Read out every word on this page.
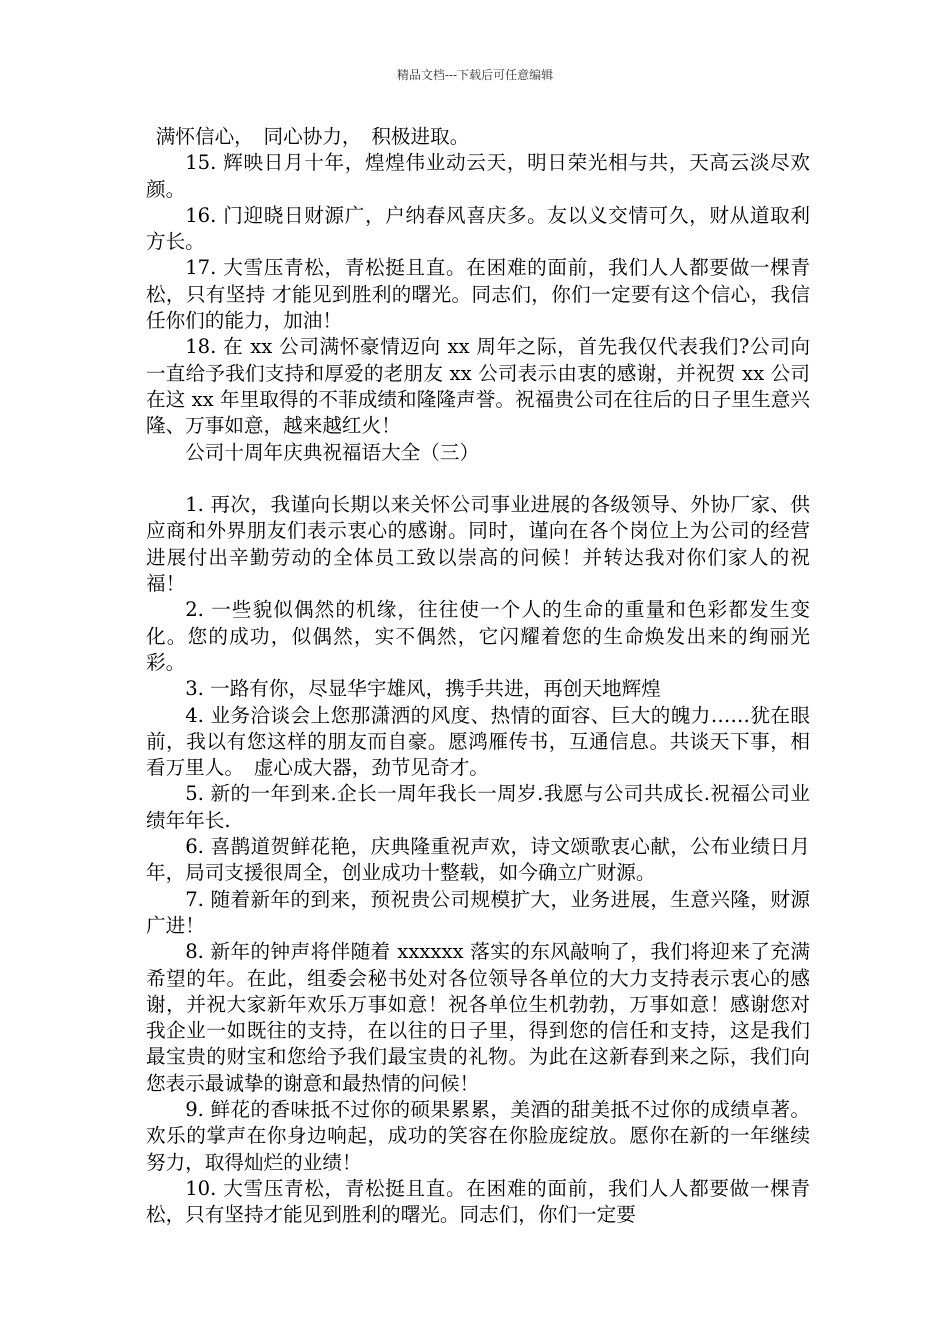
精品文档---下载后可任意编辑

满怀信心，　同心协力，　积极进取。

15. 辉映日月十年，煌煌伟业动云天，明日荣光相与共，天高云淡尽欢颜。

16. 门迎晓日财源广，户纳春风喜庆多。友以义交情可久，财从道取利方长。

17. 大雪压青松，青松挺且直。在困难的面前，我们人人都要做一棵青松，只有坚持 才能见到胜利的曙光。同志们，你们一定要有这个信心，我信任你们的能力，加油！

18. 在 xx 公司满怀豪情迈向 xx 周年之际，首先我仅代表我们?公司向一直给予我们支持和厚爱的老朋友 xx 公司表示由衷的感谢，并祝贺 xx 公司在这 xx 年里取得的不菲成绩和隆隆声誉。祝福贵公司在往后的日子里生意兴隆、万事如意，越来越红火！

公司十周年庆典祝福语大全（三）

1. 再次，我谨向长期以来关怀公司事业进展的各级领导、外协厂家、供应商和外界朋友们表示衷心的感谢。同时，谨向在各个岗位上为公司的经营进展付出辛勤劳动的全体员工致以崇高的问候！并转达我对你们家人的祝福！

2. 一些貌似偶然的机缘，往往使一个人的生命的重量和色彩都发生变化。您的成功，似偶然，实不偶然，它闪耀着您的生命焕发出来的绚丽光彩。

3. 一路有你，尽显华宇雄风，携手共进，再创天地辉煌

4. 业务洽谈会上您那潇洒的风度、热情的面容、巨大的魄力……犹在眼前，我以有您这样的朋友而自豪。愿鸿雁传书，互通信息。共谈天下事，相看万里人。　虚心成大器，劲节见奇才。

5. 新的一年到来.企长一周年我长一周岁.我愿与公司共成长.祝福公司业绩年年长.

6. 喜鹊道贺鲜花艳，庆典隆重祝声欢，诗文颂歌衷心献，公布业绩日月年，局司支援很周全，创业成功十整载，如今确立广财源。

7. 随着新年的到来，预祝贵公司规模扩大，业务进展，生意兴隆，财源广进！

8. 新年的钟声将伴随着 xxxxxx 落实的东风敲响了，我们将迎来了充满希望的年。在此，组委会秘书处对各位领导各单位的大力支持表示衷心的感谢，并祝大家新年欢乐万事如意！祝各单位生机勃勃，万事如意！感谢您对我企业一如既往的支持，在以往的日子里，得到您的信任和支持，这是我们最宝贵的财宝和您给予我们最宝贵的礼物。为此在这新春到来之际，我们向您表示最诚挚的谢意和最热情的问候！

9. 鲜花的香味抵不过你的硕果累累，美酒的甜美抵不过你的成绩卓著。欢乐的掌声在你身边响起，成功的笑容在你脸庞绽放。愿你在新的一年继续努力，取得灿烂的业绩！

10. 大雪压青松，青松挺且直。在困难的面前，我们人人都要做一棵青松，只有坚持才能见到胜利的曙光。同志们，你们一定要
